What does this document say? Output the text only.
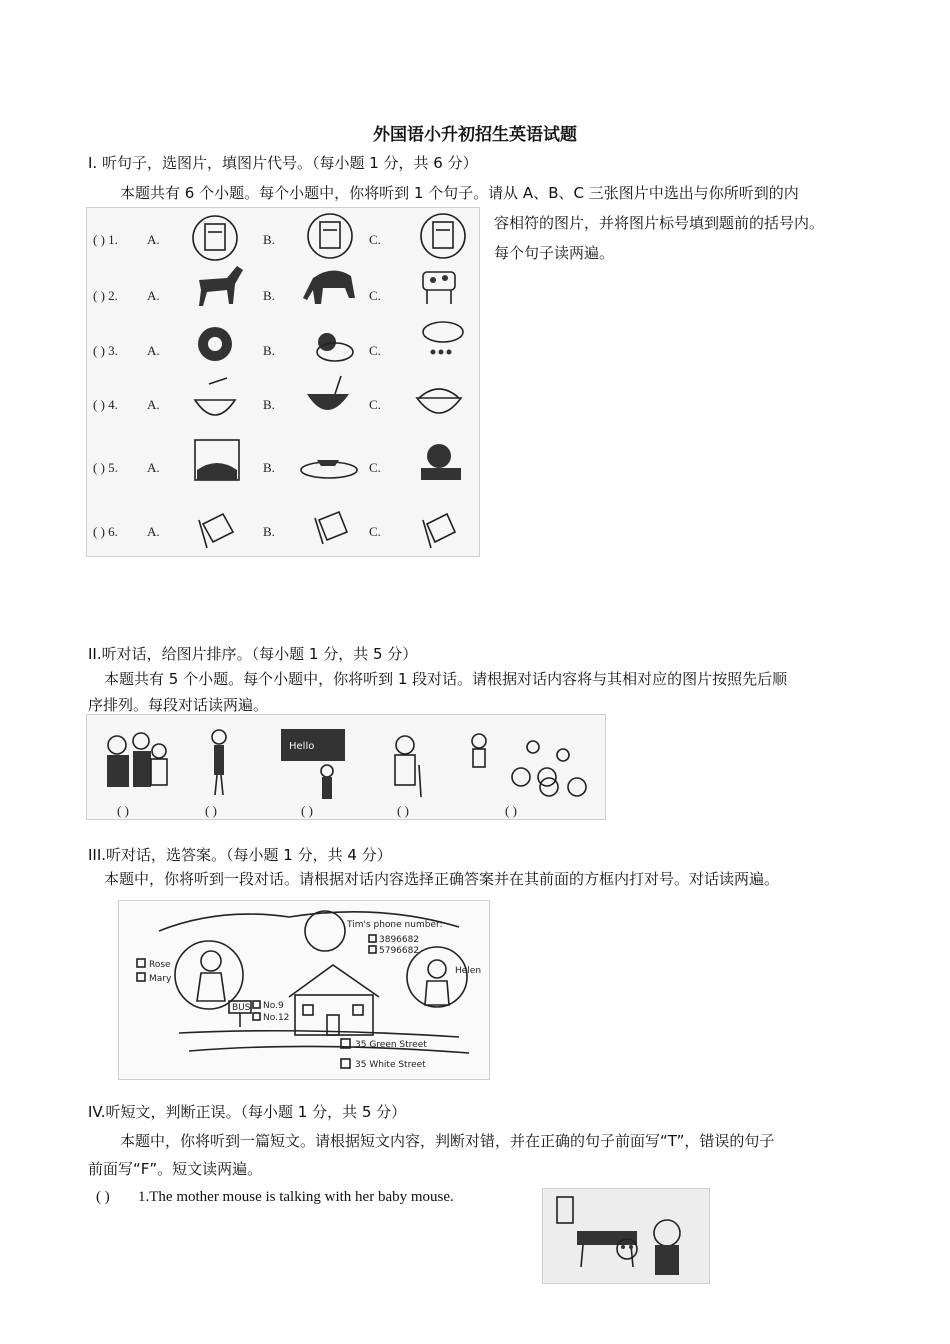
外国语小升初招生英语试题
I. 听句子，选图片，填图片代号。（每小题 1 分，共 6 分）
本题共有 6 个小题。每个小题中，你将听到 1 个句子。请从 A、B、C 三张图片中选出与你所听到的内
容相符的图片，并将图片标号填到题前的括号内。
每个句子读两遍。
( ) 1. A.	B.	C.
( ) 2. A.	B.	C.
( ) 3. A.	B.	C.
( ) 4. A.	B.	C.
( ) 5. A.	B.	C.
( ) 6. A.	B.	C.
II.听对话，给图片排序。（每小题 1 分，共 5 分）
本题共有 5 个小题。每个小题中，你将听到 1 段对话。请根据对话内容将与其相对应的图片按照先后顺
序排列。每段对话读两遍。
Hello
( )	( )	( )	( )	( )
III.听对话，选答案。（每小题 1 分，共 4 分）
本题中，你将听到一段对话。请根据对话内容选择正确答案并在其前面的方框内打对号。对话读两遍。
Tim's phone number:
3896682
5796682
Rose
Mary
Helen
BUS No.9
No.12
35 Green Street
35 White Street
IV.听短文，判断正误。（每小题 1 分，共 5 分）
本题中，你将听到一篇短文。请根据短文内容，判断对错，并在正确的句子前面写“T”，错误的句子
前面写“F”。短文读两遍。
( ) 1.The mother mouse is talking with her baby mouse.
